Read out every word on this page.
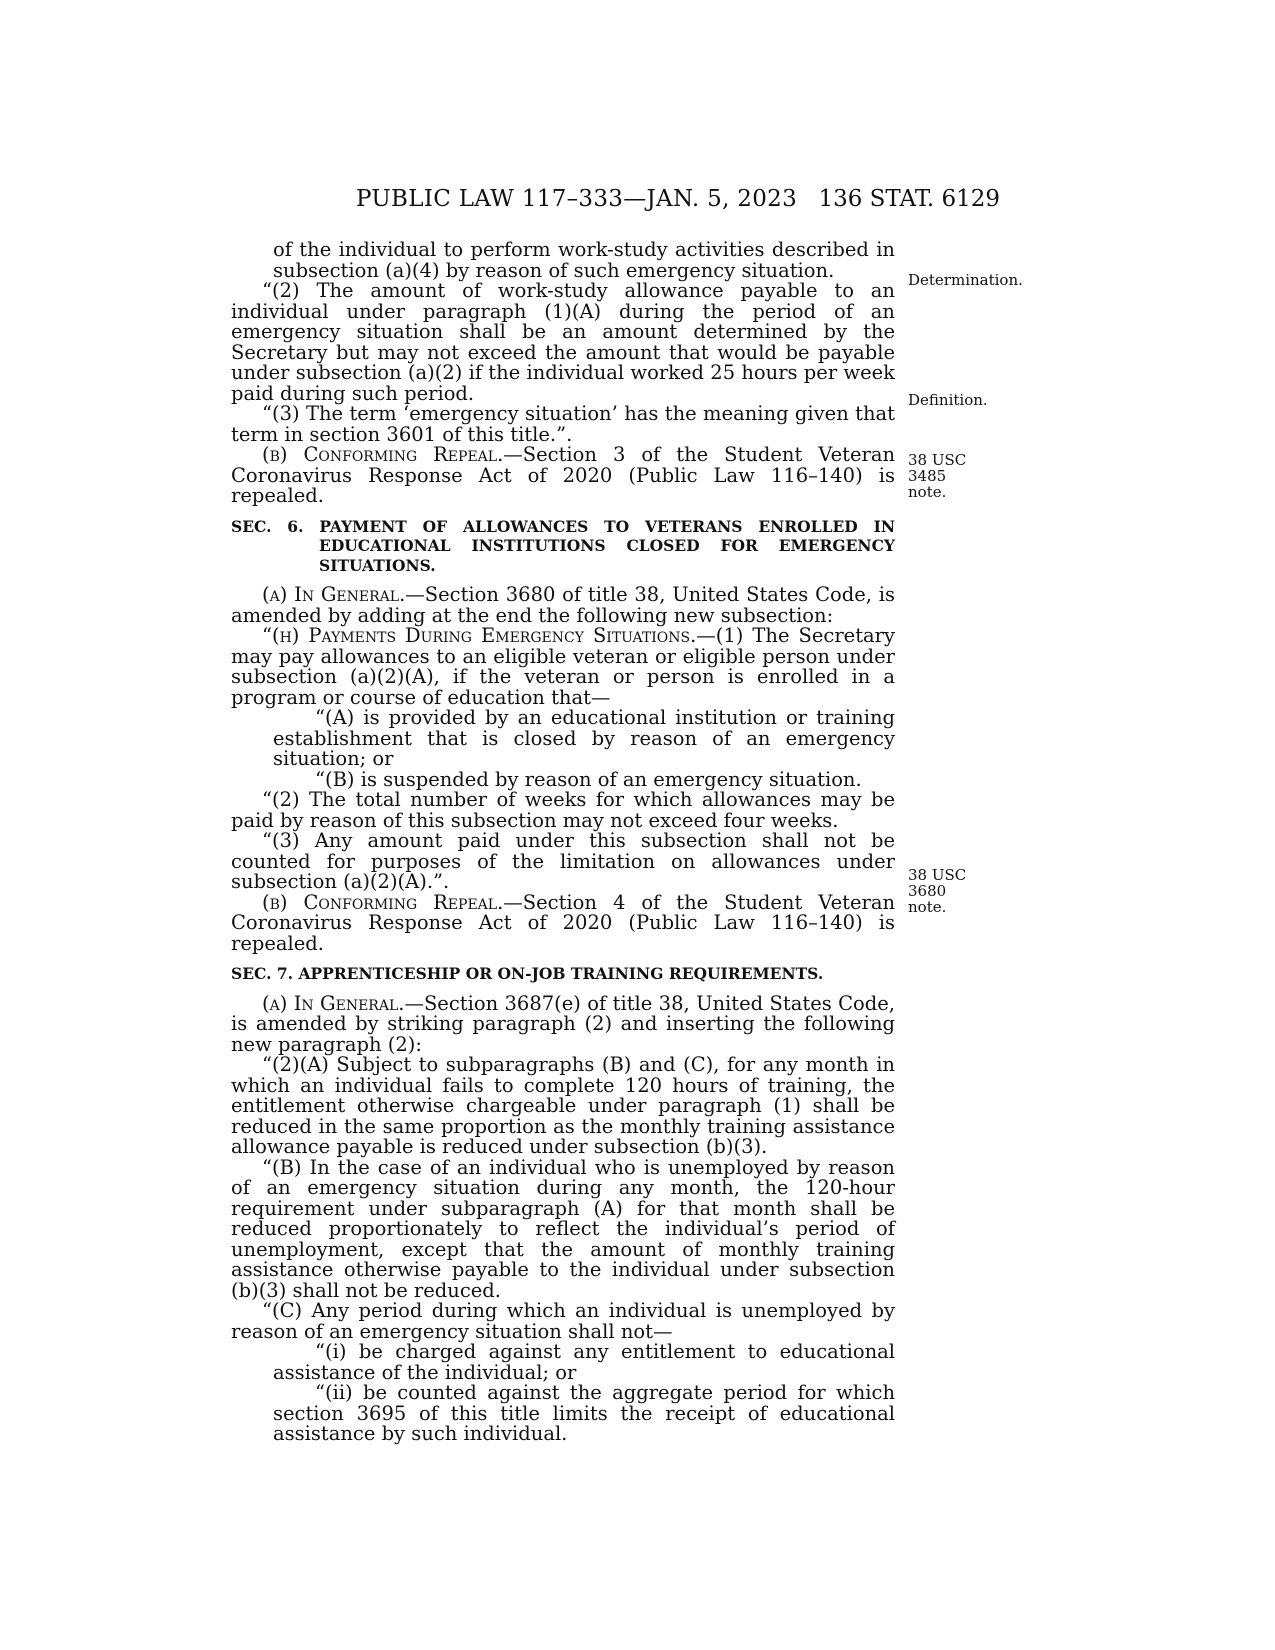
PUBLIC LAW 117–333—JAN. 5, 2023 136 STAT. 6129

of the individual to perform work-study activities described in subsection (a)(4) by reason of such emergency situation.

“(2) The amount of work-study allowance payable to an individual under paragraph (1)(A) during the period of an emergency situation shall be an amount determined by the Secretary but may not exceed the amount that would be payable under subsection (a)(2) if the individual worked 25 hours per week paid during such period.

“(3) The term ‘emergency situation’ has the meaning given that term in section 3601 of this title.”.

(b) Conforming Repeal.—Section 3 of the Student Veteran Coronavirus Response Act of 2020 (Public Law 116–140) is repealed.

SEC. 6. PAYMENT OF ALLOWANCES TO VETERANS ENROLLED IN EDUCATIONAL INSTITUTIONS CLOSED FOR EMERGENCY SITUATIONS.

(a) In General.—Section 3680 of title 38, United States Code, is amended by adding at the end the following new subsection:

“(h) Payments During Emergency Situations.—(1) The Secretary may pay allowances to an eligible veteran or eligible person under subsection (a)(2)(A), if the veteran or person is enrolled in a program or course of education that—

“(A) is provided by an educational institution or training establishment that is closed by reason of an emergency situation; or

“(B) is suspended by reason of an emergency situation.

“(2) The total number of weeks for which allowances may be paid by reason of this subsection may not exceed four weeks.

“(3) Any amount paid under this subsection shall not be counted for purposes of the limitation on allowances under subsection (a)(2)(A).”.

(b) Conforming Repeal.—Section 4 of the Student Veteran Coronavirus Response Act of 2020 (Public Law 116–140) is repealed.

SEC. 7. APPRENTICESHIP OR ON-JOB TRAINING REQUIREMENTS.

(a) In General.—Section 3687(e) of title 38, United States Code, is amended by striking paragraph (2) and inserting the following new paragraph (2):

“(2)(A) Subject to subparagraphs (B) and (C), for any month in which an individual fails to complete 120 hours of training, the entitlement otherwise chargeable under paragraph (1) shall be reduced in the same proportion as the monthly training assistance allowance payable is reduced under subsection (b)(3).

“(B) In the case of an individual who is unemployed by reason of an emergency situation during any month, the 120-hour requirement under subparagraph (A) for that month shall be reduced proportionately to reflect the individual’s period of unemployment, except that the amount of monthly training assistance otherwise payable to the individual under subsection (b)(3) shall not be reduced.

“(C) Any period during which an individual is unemployed by reason of an emergency situation shall not—

“(i) be charged against any entitlement to educational assistance of the individual; or

“(ii) be counted against the aggregate period for which section 3695 of this title limits the receipt of educational assistance by such individual.

Determination.
Definition.
38 USC 3485 note.
38 USC 3680 note.
